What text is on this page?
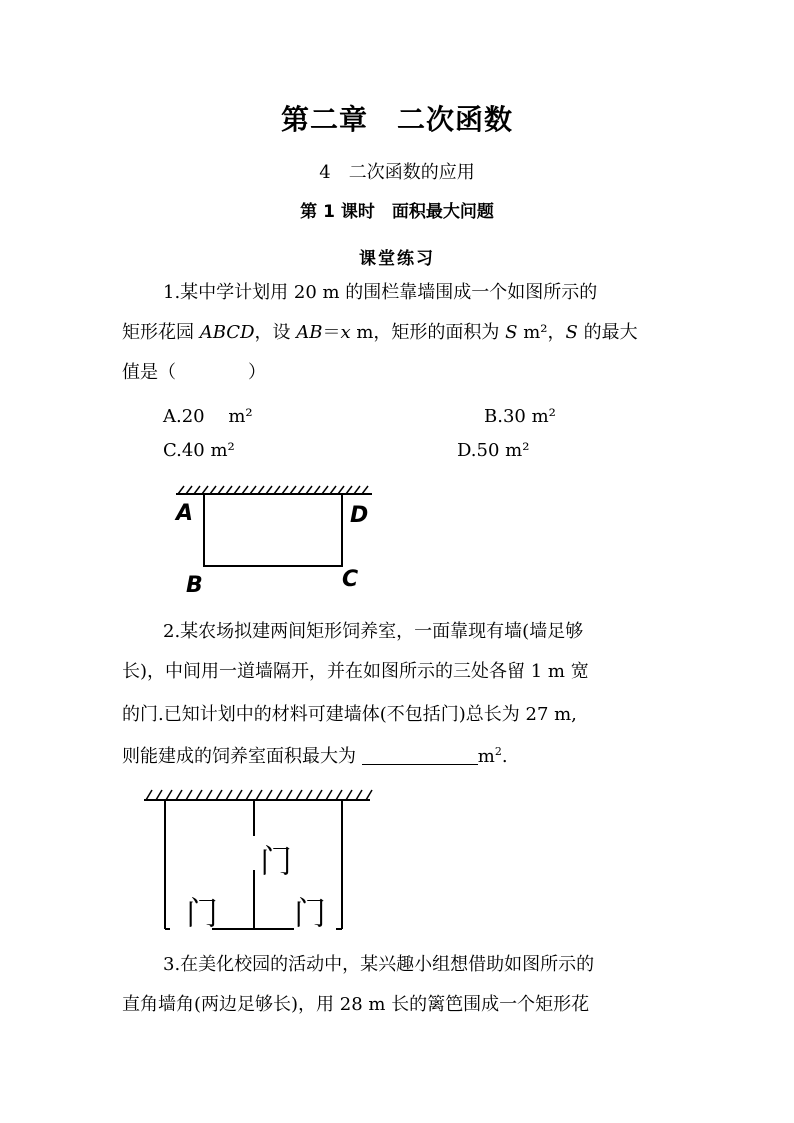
第二章　二次函数
4　二次函数的应用
第 1 课时　面积最大问题
课堂练习
1.某中学计划用 20 m 的围栏靠墙围成一个如图所示的
矩形花园 ABCD，设 AB＝x m，矩形的面积为 S m²，S 的最大
值是（　　　　）
A.20　 m²	B.30 m²
C.40 m²	D.50 m²
A	D
B	C
2.某农场拟建两间矩形饲养室，一面靠现有墙(墙足够
长)，中间用一道墙隔开，并在如图所示的三处各留 1 m 宽
的门.已知计划中的材料可建墙体(不包括门)总长为 27 m,
则能建成的饲养室面积最大为	$m^2$.
门
门 门
3.在美化校园的活动中，某兴趣小组想借助如图所示的
直角墙角(两边足够长)，用 28 m 长的篱笆围成一个矩形花
